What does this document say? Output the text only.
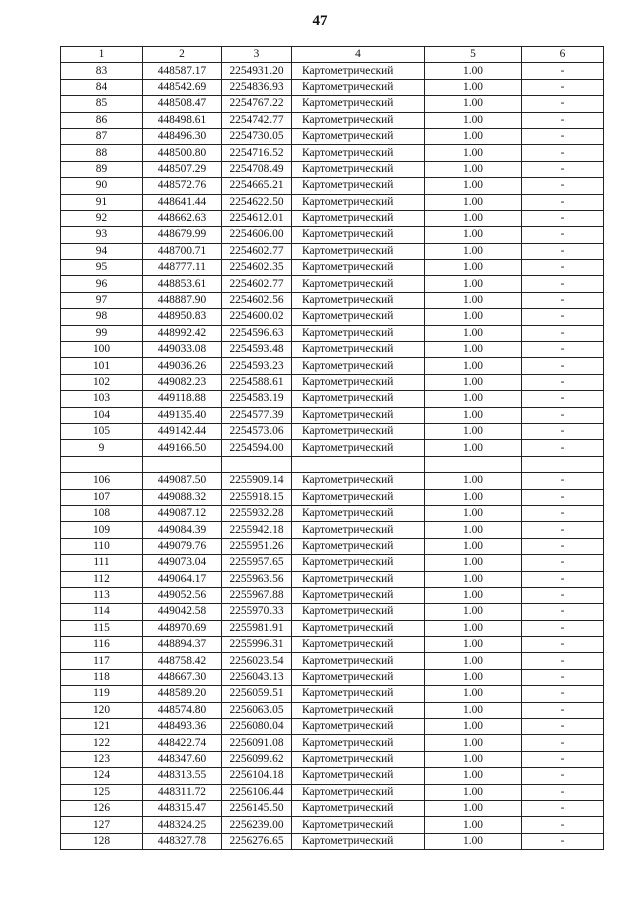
47
1	2	3	4	5	6
83	448587.17	2254931.20	Картометрический	1.00	-
84	448542.69	2254836.93	Картометрический	1.00	-
85	448508.47	2254767.22	Картометрический	1.00	-
86	448498.61	2254742.77	Картометрический	1.00	-
87	448496.30	2254730.05	Картометрический	1.00	-
88	448500.80	2254716.52	Картометрический	1.00	-
89	448507.29	2254708.49	Картометрический	1.00	-
90	448572.76	2254665.21	Картометрический	1.00	-
91	448641.44	2254622.50	Картометрический	1.00	-
92	448662.63	2254612.01	Картометрический	1.00	-
93	448679.99	2254606.00	Картометрический	1.00	-
94	448700.71	2254602.77	Картометрический	1.00	-
95	448777.11	2254602.35	Картометрический	1.00	-
96	448853.61	2254602.77	Картометрический	1.00	-
97	448887.90	2254602.56	Картометрический	1.00	-
98	448950.83	2254600.02	Картометрический	1.00	-
99	448992.42	2254596.63	Картометрический	1.00	-
100	449033.08	2254593.48	Картометрический	1.00	-
101	449036.26	2254593.23	Картометрический	1.00	-
102	449082.23	2254588.61	Картометрический	1.00	-
103	449118.88	2254583.19	Картометрический	1.00	-
104	449135.40	2254577.39	Картометрический	1.00	-
105	449142.44	2254573.06	Картометрический	1.00	-
9	449166.50	2254594.00	Картометрический	1.00	-

106	449087.50	2255909.14	Картометрический	1.00	-
107	449088.32	2255918.15	Картометрический	1.00	-
108	449087.12	2255932.28	Картометрический	1.00	-
109	449084.39	2255942.18	Картометрический	1.00	-
110	449079.76	2255951.26	Картометрический	1.00	-
111	449073.04	2255957.65	Картометрический	1.00	-
112	449064.17	2255963.56	Картометрический	1.00	-
113	449052.56	2255967.88	Картометрический	1.00	-
114	449042.58	2255970.33	Картометрический	1.00	-
115	448970.69	2255981.91	Картометрический	1.00	-
116	448894.37	2255996.31	Картометрический	1.00	-
117	448758.42	2256023.54	Картометрический	1.00	-
118	448667.30	2256043.13	Картометрический	1.00	-
119	448589.20	2256059.51	Картометрический	1.00	-
120	448574.80	2256063.05	Картометрический	1.00	-
121	448493.36	2256080.04	Картометрический	1.00	-
122	448422.74	2256091.08	Картометрический	1.00	-
123	448347.60	2256099.62	Картометрический	1.00	-
124	448313.55	2256104.18	Картометрический	1.00	-
125	448311.72	2256106.44	Картометрический	1.00	-
126	448315.47	2256145.50	Картометрический	1.00	-
127	448324.25	2256239.00	Картометрический	1.00	-
128	448327.78	2256276.65	Картометрический	1.00	-
